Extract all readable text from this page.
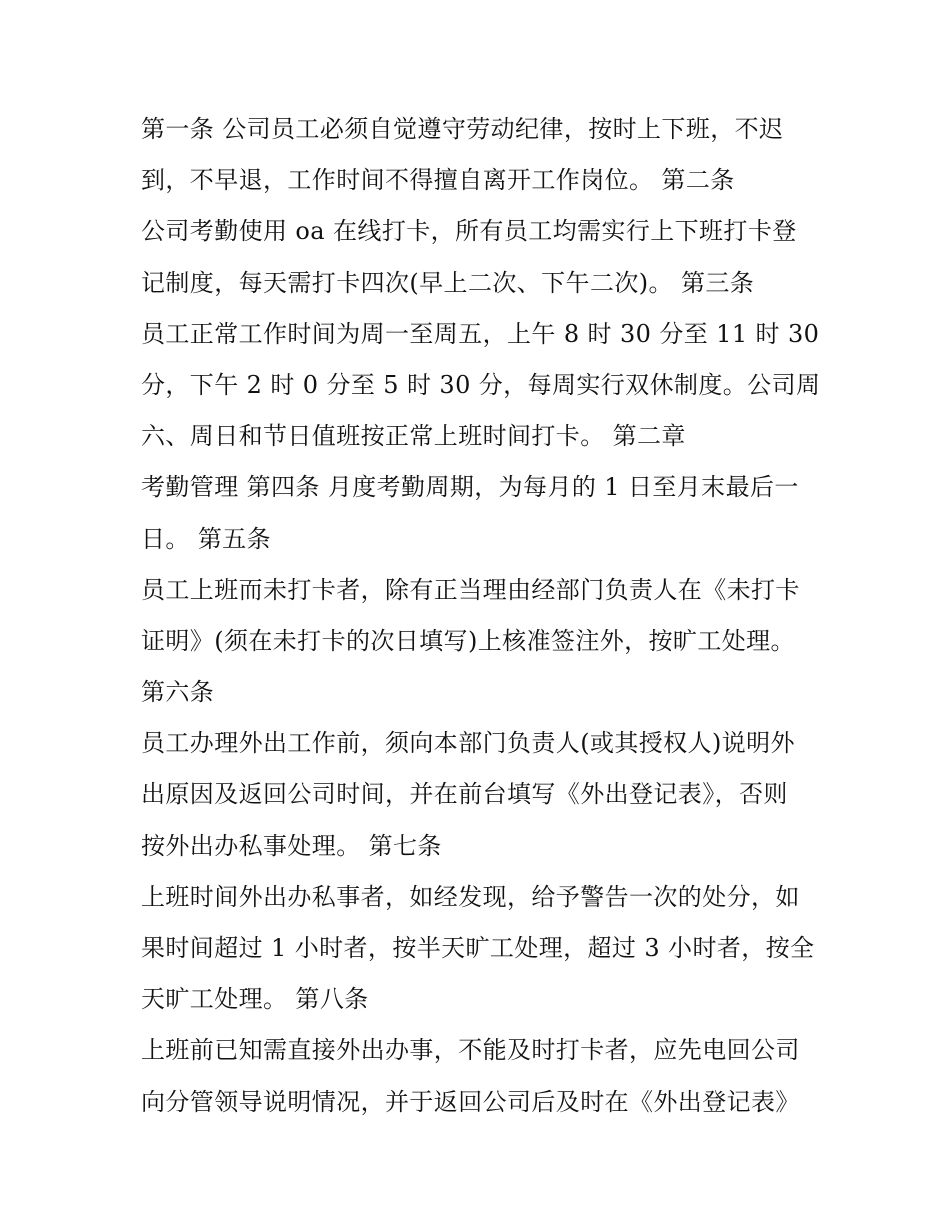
第一条 公司员工必须自觉遵守劳动纪律，按时上下班，不迟
到，不早退，工作时间不得擅自离开工作岗位。 第二条
公司考勤使用 oa 在线打卡，所有员工均需实行上下班打卡登
记制度，每天需打卡四次(早上二次、下午二次)。 第三条
员工正常工作时间为周一至周五，上午 8 时 30 分至 11 时 30
分，下午 2 时 0 分至 5 时 30 分，每周实行双休制度。公司周
六、周日和节日值班按正常上班时间打卡。 第二章
考勤管理 第四条 月度考勤周期，为每月的 1 日至月末最后一
日。 第五条
员工上班而未打卡者，除有正当理由经部门负责人在《未打卡
证明》(须在未打卡的次日填写)上核准签注外，按旷工处理。
第六条
员工办理外出工作前，须向本部门负责人(或其授权人)说明外
出原因及返回公司时间，并在前台填写《外出登记表》，否则
按外出办私事处理。 第七条
上班时间外出办私事者，如经发现，给予警告一次的处分，如
果时间超过 1 小时者，按半天旷工处理，超过 3 小时者，按全
天旷工处理。 第八条
上班前已知需直接外出办事，不能及时打卡者，应先电回公司
向分管领导说明情况，并于返回公司后及时在《外出登记表》
